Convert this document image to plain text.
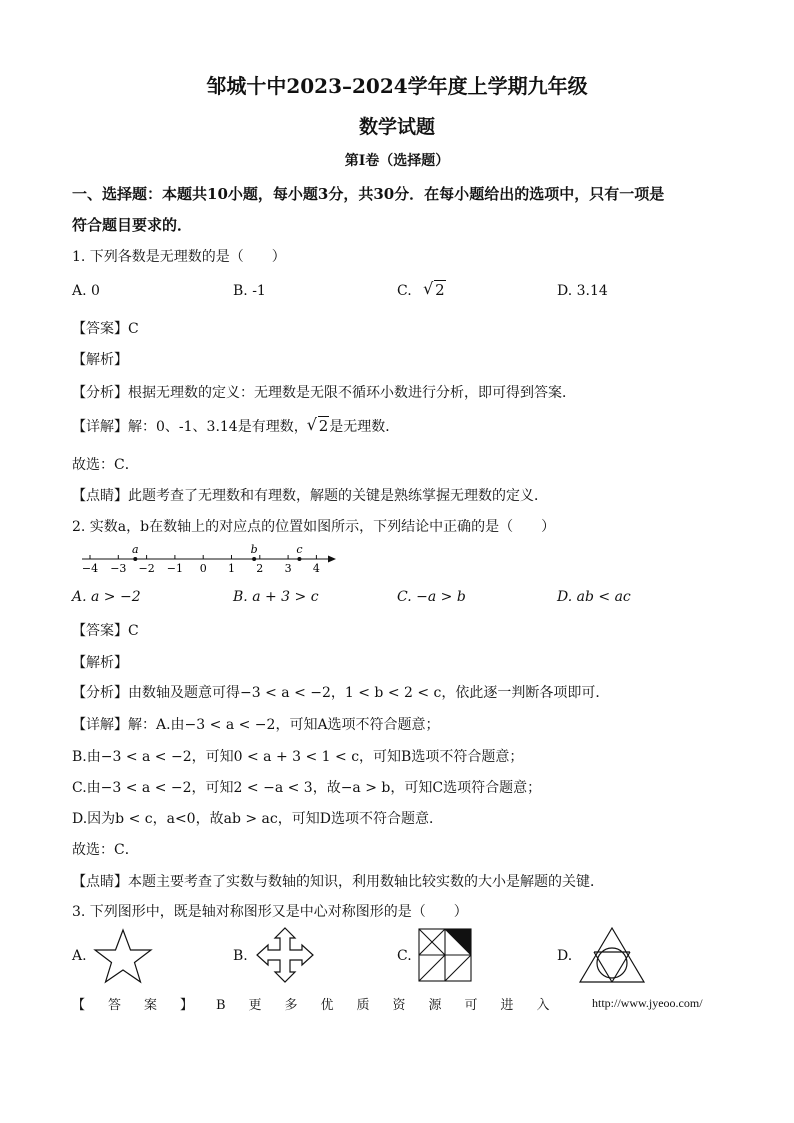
邹城十中2023–2024学年度上学期九年级
数学试题
第I卷（选择题）
一、选择题：本题共10小题，每小题3分，共30分．在每小题给出的选项中，只有一项是
符合题目要求的．
1. 下列各数是无理数的是（　　）
A. 0	B. -1	C. √ 2	D. 3.14
【答案】C
【解析】
【分析】根据无理数的定义：无理数是无限不循环小数进行分析，即可得到答案．
【详解】解：0、-1、3.14是有理数， √ 2是无理数．
故选：C．
【点睛】此题考查了无理数和有理数，解题的关键是熟练掌握无理数的定义．
2. 实数a，b在数轴上的对应点的位置如图所示，下列结论中正确的是（　　）
−4 −3 −2 −1 0 1 2 3 4
a	b	c
A. a > −2	B. a + 3 > c	C. −a > b	D. ab < ac
【答案】C
【解析】
【分析】由数轴及题意可得−3 < a < −2，1 < b < 2 < c，依此逐一判断各项即可．
【详解】解：A.由−3 < a < −2，可知A选项不符合题意；
B.由−3 < a < −2，可知0 < a + 3 < 1 < c，可知B选项不符合题意；
C.由−3 < a < −2，可知2 < −a < 3，故−a > b，可知C选项符合题意；
D.因为b < c，a<0，故ab > ac，可知D选项不符合题意．
故选：C．
【点睛】本题主要考查了实数与数轴的知识，利用数轴比较实数的大小是解题的关键．
3. 下列图形中，既是轴对称图形又是中心对称图形的是（　　）
A.	B.	C.	D.
【答案】B更多优质资源可进入 http://www.jyeoo.com/
